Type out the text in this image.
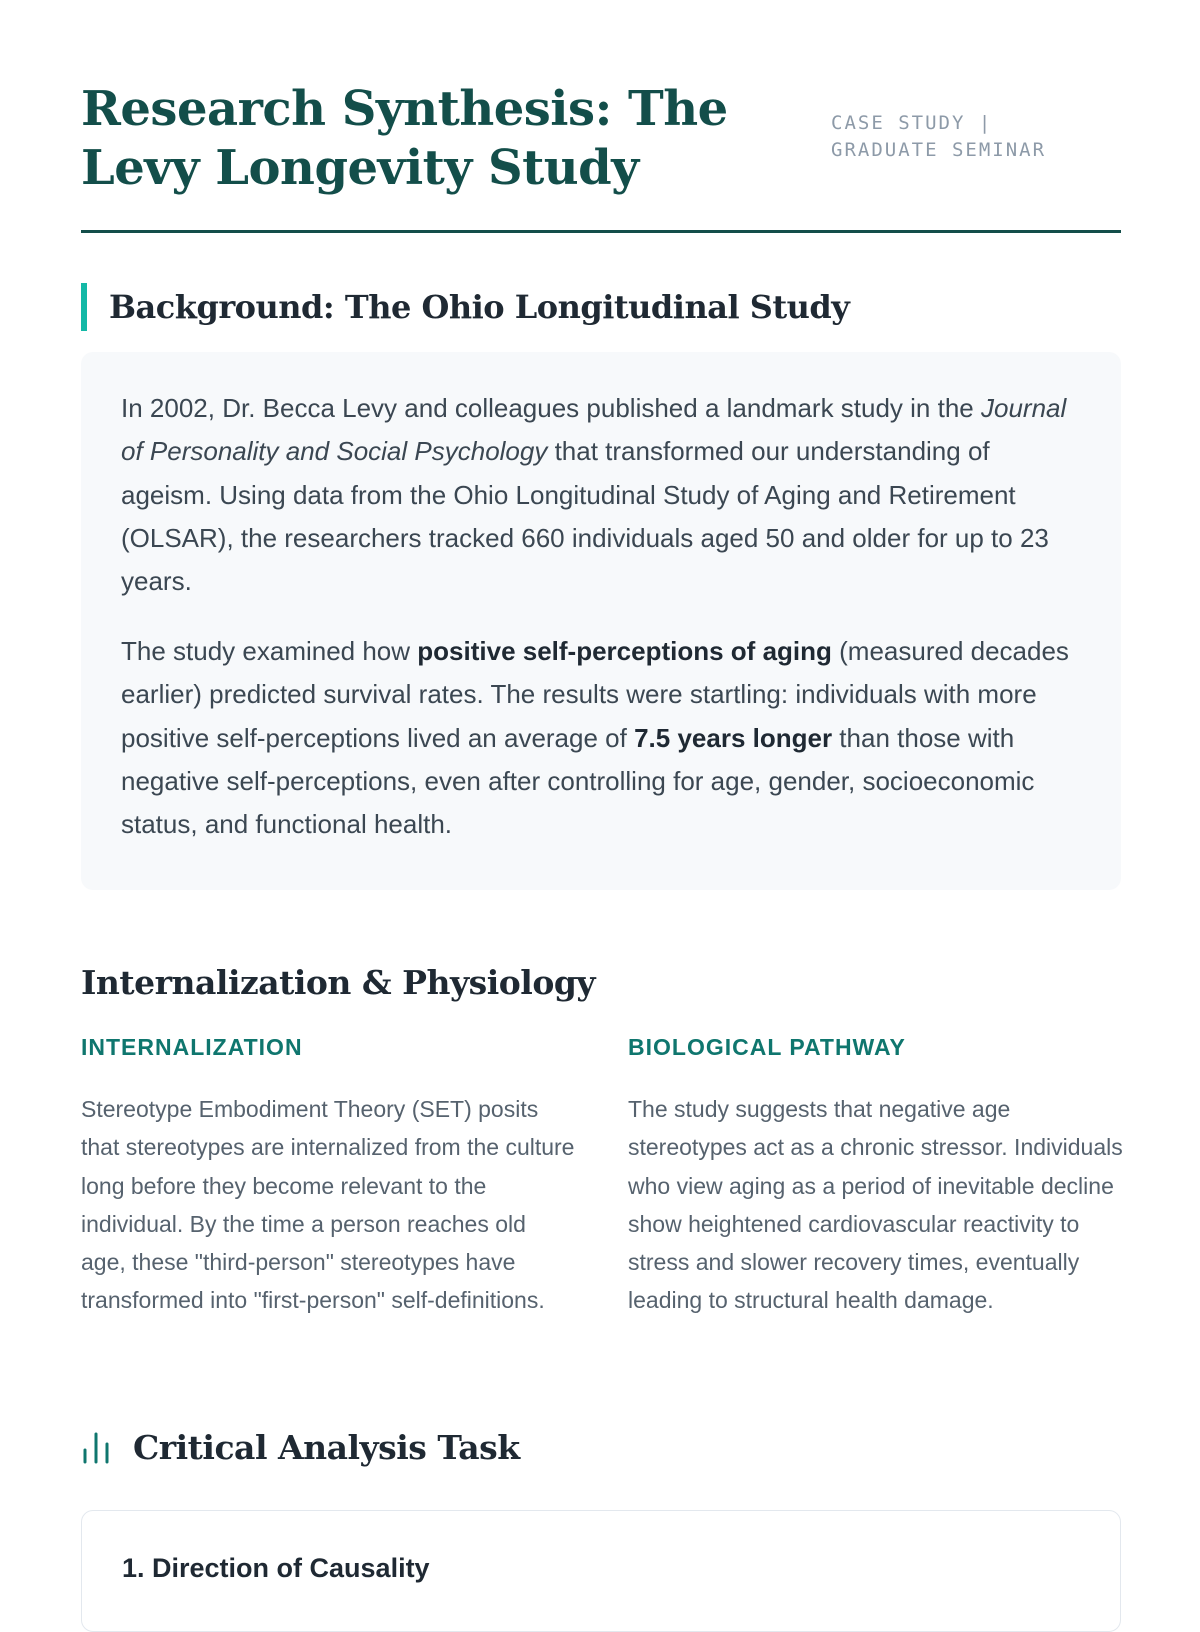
Research Synthesis: The Levy Longevity Study
CASE STUDY | GRADUATE SEMINAR
Background: The Ohio Longitudinal Study

In 2002, Dr. Becca Levy and colleagues published a landmark study in the Journal of Personality and Social Psychology that transformed our understanding of ageism. Using data from the Ohio Longitudinal Study of Aging and Retirement (OLSAR), the researchers tracked 660 individuals aged 50 and older for up to 23 years.

The study examined how positive self-perceptions of aging (measured decades earlier) predicted survival rates. The results were startling: individuals with more positive self-perceptions lived an average of 7.5 years longer than those with negative self-perceptions, even after controlling for age, gender, socioeconomic status, and functional health.

Internalization & Physiology
INTERNALIZATION

Stereotype Embodiment Theory (SET) posits that stereotypes are internalized from the culture long before they become relevant to the individual. By the time a person reaches old age, these "third-person" stereotypes have transformed into "first-person" self-definitions.

BIOLOGICAL PATHWAY

The study suggests that negative age stereotypes act as a chronic stressor. Individuals who view aging as a period of inevitable decline show heightened cardiovascular reactivity to stress and slower recovery times, eventually leading to structural health damage.

Critical Analysis Task
1. Direction of Causality
